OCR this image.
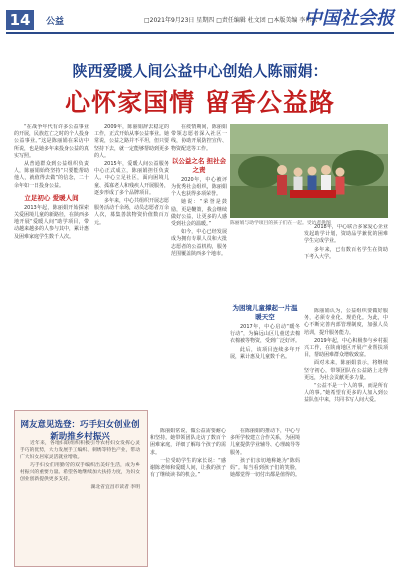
14	公益	□2021年9月23日 星期四 □责任编辑 杜文团 □本版美编 李伟冰
中国社会报
陕西爱暖人间公益中心创始人陈丽娟：
心怀家国情 留香公益路

“在战争年代有许多公益事业的开展，民族危亡之时的个人投身公益事业。”这是陈丽娟在采访中所说，也是她多年来投身公益的真实写照。

从普通群众到公益组织负责人，陈丽娟始终坚持“只要能帮助他人，就值得去做”的信念，二十余年如一日投身公益。

立足初心 爱暖人间

2013年起，陈丽娟开始探索关爱困境儿童的新路径，在陕西多地开展“爱暖人间”助学项目，带动越来越多的人参与其中，累计惠及困难家庭学生数千人次。

2009年，陈丽娟辞去稳定的工作，正式开始从事公益事业。她常说，公益之路并不平坦，但只要坚持下去，就一定能够帮助到更多的人。

2015年，爱暖人间公益服务中心正式成立，陈丽娟担任负责人。中心立足社区，面向困境儿童、孤寡老人和残疾人开展服务，逐步形成了多个品牌项目。

多年来，中心共组织开展志愿服务活动千余场，动员志愿者万余人次，募集善款物资价值数百万元。

在疫情期间，陈丽娟带领志愿者深入社区一线，协助开展防控宣传、物资配送等工作。

以公益之名 担社会之责

2020年，中心被评为优秀社会组织，陈丽娟个人也获得多项荣誉。

她说：“荣誉是鼓励，更是鞭策，我会继续做好公益，让更多的人感受到社会的温暖。”

如今，中心已经发展成为拥有专职人员和大批志愿者的公益机构，服务范围覆盖陕西多个地市。

陈丽娟与助学项目的孩子们在一起。受访者供图

2018年，中心联合多家爱心企业发起助学计划，资助品学兼优的困难学生完成学业。

多年来，已有数百名学生在资助下考入大学。

为困境儿童撑起一片温暖天空

2017年，中心启动“暖冬行动”，为偏远山区儿童送去棉衣棉被等物资，受到广泛好评。

此后，该项目连续多年开展，累计惠及儿童数千名。

陈丽娟认为，公益组织要做好服务，必须专业化、规范化。为此，中心不断完善内部管理制度，加强人员培训，提升服务能力。

2019年起，中心积极参与乡村振兴工作，在陕南地区开展产业帮扶项目，帮助困难群众增收致富。

面对未来，陈丽娟表示，将继续坚守初心，带领团队在公益路上走得更远，为社会贡献更多力量。

“公益不是一个人的事，而是所有人的事。”她希望有更多的人加入到公益队伍中来，共同书写人间大爱。

陈丽娟常说，做公益需要耐心和坚持。她带领团队走访了数百个困难家庭，详细了解每个孩子的需求。

一位受助学生的家长说：“感谢陈老师和爱暖人间，让我的孩子有了继续读书的机会。”

在陈丽娟的推动下，中心与多所学校建立合作关系，为困境儿童提供学业辅导、心理疏导等服务。

孩子们亲切地称她为“陈妈妈”。每当看到孩子们的笑脸，她都觉得一切付出都是值得的。

网友意见选登：巧手妇女创业创新助推乡村振兴

近年来，各地妇联组织积极引导农村妇女发挥心灵手巧的优势，大力发展手工编织、刺绣等特色产业，带动广大妇女居家灵活就业增收。

巧手妇女们用勤劳的双手编织出美好生活，成为乡村振兴的重要力量。希望各地继续加大扶持力度，为妇女创业创新提供更多支持。

湖北省宜昌市读者 李明
